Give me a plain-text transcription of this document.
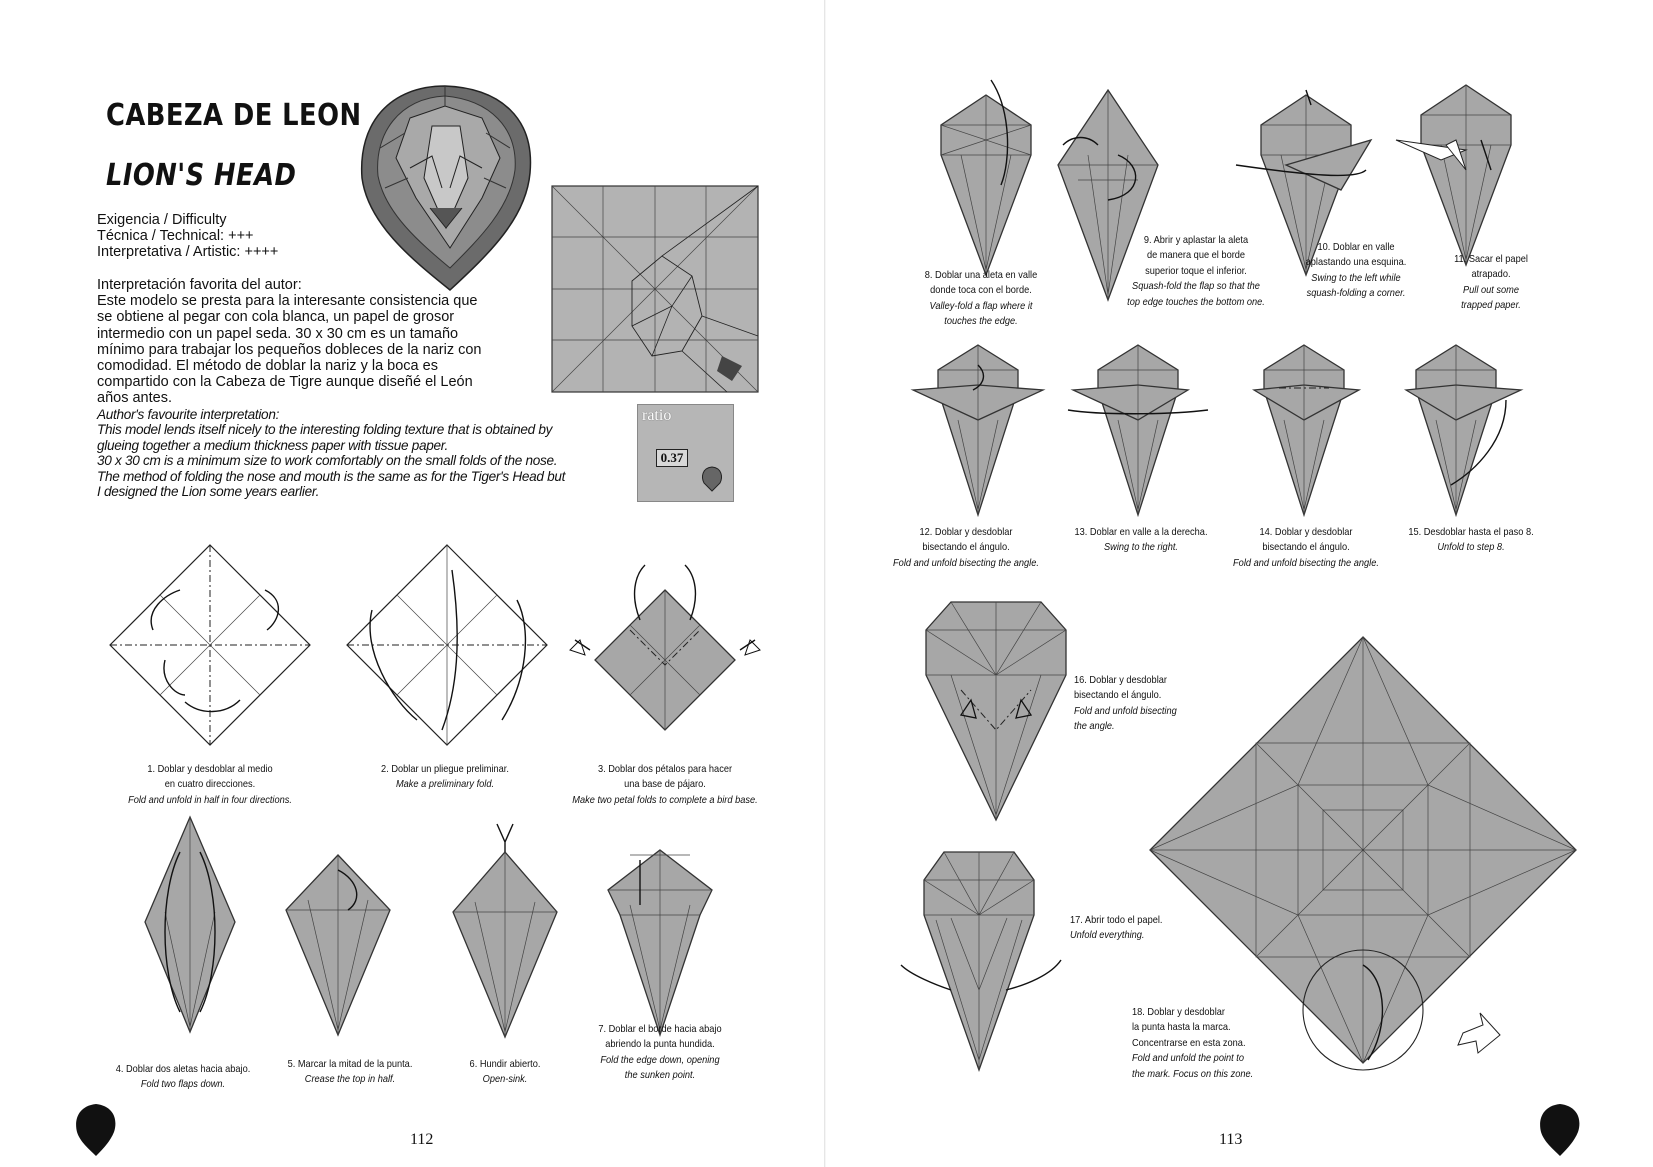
CABEZA DE LEON
LION'S HEAD
Exigencia / Difficulty
Técnica / Technical: +++
Interpretativa / Artistic: ++++
Interpretación favorita del autor:
Este modelo se presta para la interesante consistencia que
se obtiene al pegar con cola blanca, un papel de grosor
intermedio con un papel seda. 30 x 30 cm es un tamaño
mínimo para trabajar los pequeños dobleces de la nariz con
comodidad. El método de doblar la nariz y la boca es
compartido con la Cabeza de Tigre aunque diseñé el León
años antes.
Author's favourite interpretation:
This model lends itself nicely to the interesting folding texture that is obtained by
glueing together a medium thickness paper with tissue paper.
30 x 30 cm is a minimum size to work comfortably on the small folds of the nose.
The method of folding the nose and mouth is the same as for the Tiger's Head but
I designed the Lion some years earlier.
ratio
0.37
1. Doblar y desdoblar al medio
en cuatro direcciones.
Fold and unfold in half in four directions.
2. Doblar un pliegue preliminar.
Make a preliminary fold.
3. Doblar dos pétalos para hacer
una base de pájaro.
Make two petal folds to complete a bird base.
4. Doblar dos aletas hacia abajo.
Fold two flaps down.
5. Marcar la mitad de la punta.
Crease the top in half.
6. Hundir abierto.
Open-sink.
7. Doblar el borde hacia abajo
abriendo la punta hundida.
Fold the edge down, opening
the sunken point.
112
8. Doblar una aleta en valle
donde toca con el borde.
Valley-fold a flap where it
touches the edge.
9. Abrir y aplastar la aleta
de manera que el borde
superior toque el inferior.
Squash-fold the flap so that the
top edge touches the bottom one.
10. Doblar en valle
aplastando una esquina.
Swing to the left while
squash-folding a corner.
11. Sacar el papel
atrapado.
Pull out some
trapped paper.
12. Doblar y desdoblar
bisectando el ángulo.
Fold and unfold bisecting the angle.
13. Doblar en valle a la derecha.
Swing to the right.
14. Doblar y desdoblar
bisectando el ángulo.
Fold and unfold bisecting the angle.
15. Desdoblar hasta el paso 8.
Unfold to step 8.
16. Doblar y desdoblar
bisectando el ángulo.
Fold and unfold bisecting
the angle.
17. Abrir todo el papel.
Unfold everything.
18. Doblar y desdoblar
la punta hasta la marca.
Concentrarse en esta zona.
Fold and unfold the point to
the mark. Focus on this zone.
113
